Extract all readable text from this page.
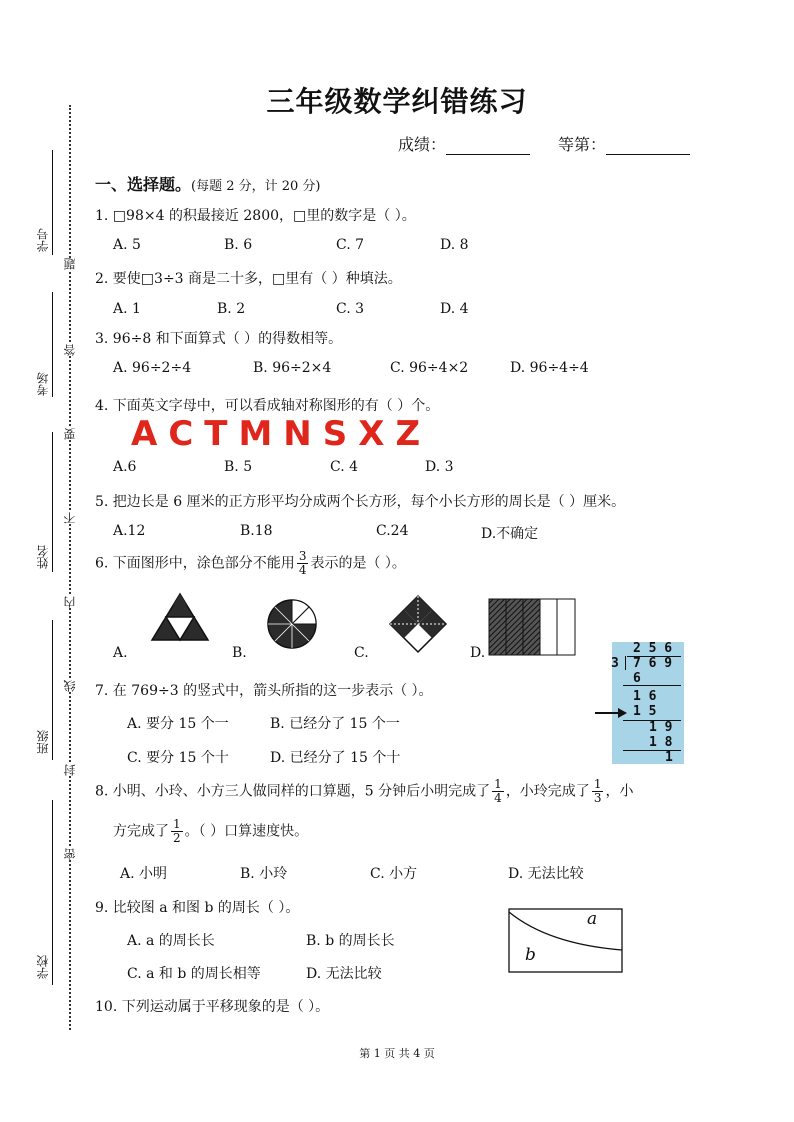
学号
考场
姓名
班级
学校
题
答
要
不
内
线
封
密
三年级数学纠错练习
成绩：	等第：
一、选择题。(每题 2 分，计 20 分)
1. □98×4 的积最接近 2800，□里的数字是（ ）。
A. 5	B. 6	C. 7	D. 8
2. 要使□3÷3 商是二十多，□里有（ ）种填法。
A. 1	B. 2	C. 3	D. 4
3. 96÷8 和下面算式（ ）的得数相等。
A. 96÷2÷4	B. 96÷2×4	C. 96÷4×2	D. 96÷4÷4
4. 下面英文字母中，可以看成轴对称图形的有（ ）个。
ACTMNSXZ
A.6	B. 5	C. 4	D. 3
5. 把边长是 6 厘米的正方形平均分成两个长方形，每个小长方形的周长是（ ）厘米。
A.12	B.18	C.24	D.不确定
6. 下面图形中，涂色部分不能用 $\frac{3}{4}$ 表示的是（ ）。
A.	B.	C.	D.
7. 在 769÷3 的竖式中，箭头所指的这一步表示（ ）。
A. 要分 15 个一	B. 已经分了 15 个一
C. 要分 15 个十	D. 已经分了 15 个十
2 5 6
3 7 6 9
6
1 6
1 5
1 9
1 8
1
8. 小明、小玲、小方三人做同样的口算题，5 分钟后小明完成了 $\frac{1}{4}$ ，小玲完成了 $\frac{1}{3}$ ，小
方完成了 $\frac{1}{2}$ 。（ ）口算速度快。
A. 小明	B. 小玲	C. 小方	D. 无法比较
9. 比较图 a 和图 b 的周长（ ）。
A. a 的周长长	B. b 的周长长
C. a 和 b 的周长相等	D. 无法比较
a
b
10. 下列运动属于平移现象的是（ ）。
第 1 页 共 4 页
